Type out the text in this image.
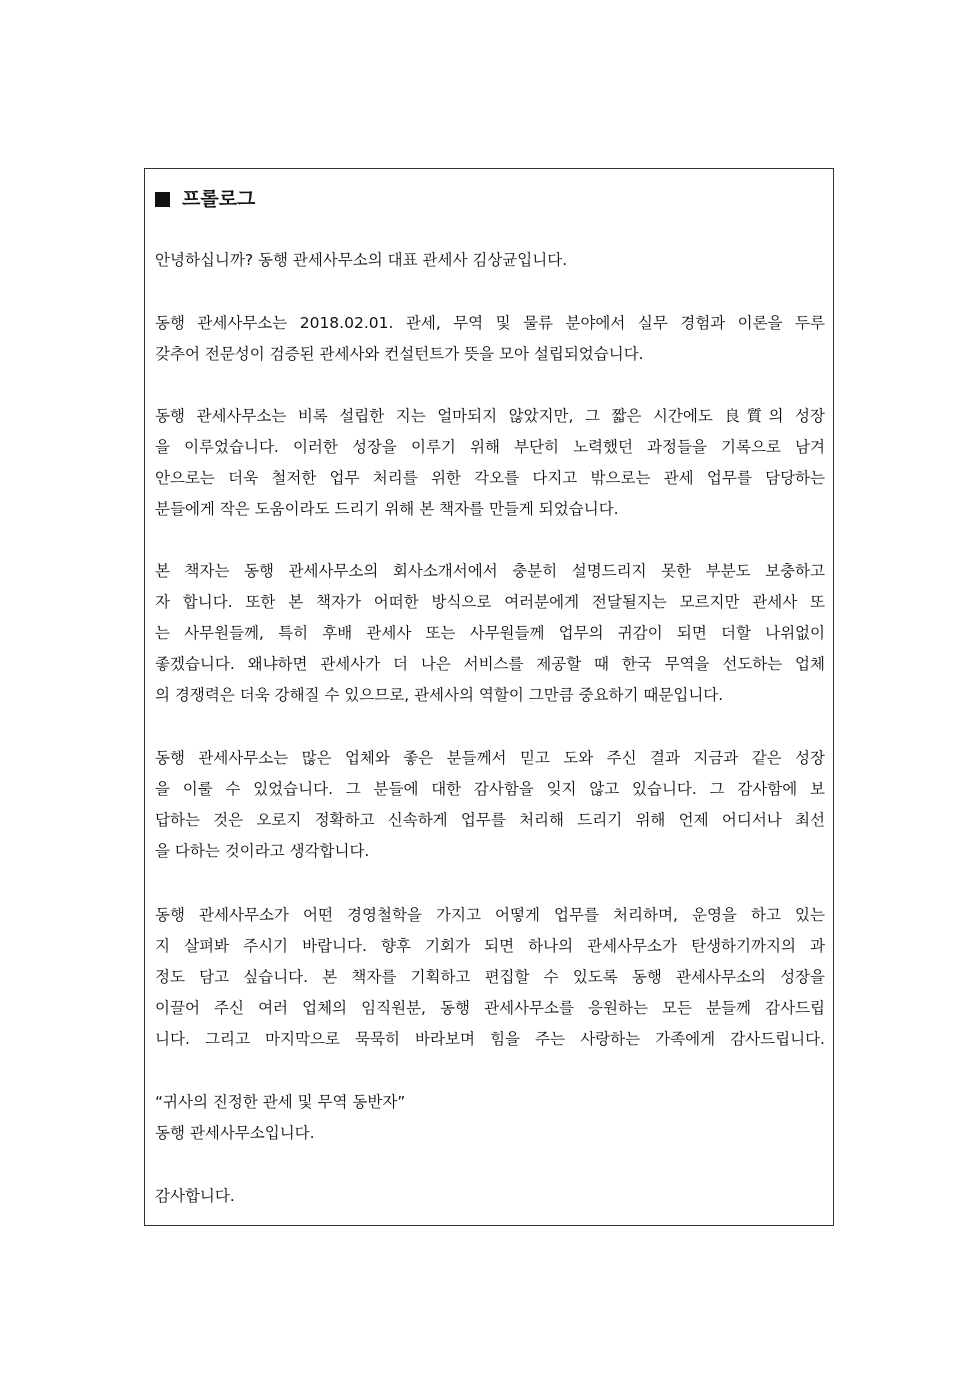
프롤로그
안녕하십니까? 동행 관세사무소의 대표 관세사 김상균입니다.
동행 관세사무소는 2018.02.01. 관세, 무역 및 물류 분야에서 실무 경험과 이론을 두루
갖추어 전문성이 검증된 관세사와 컨설턴트가 뜻을 모아 설립되었습니다.
동행 관세사무소는 비록 설립한 지는 얼마되지 않았지만, 그 짧은 시간에도 良質의 성장
을 이루었습니다. 이러한 성장을 이루기 위해 부단히 노력했던 과정들을 기록으로 남겨
안으로는 더욱 철저한 업무 처리를 위한 각오를 다지고 밖으로는 관세 업무를 담당하는
분들에게 작은 도움이라도 드리기 위해 본 책자를 만들게 되었습니다.
본 책자는 동행 관세사무소의 회사소개서에서 충분히 설명드리지 못한 부분도 보충하고
자 합니다. 또한 본 책자가 어떠한 방식으로 여러분에게 전달될지는 모르지만 관세사 또
는 사무원들께, 특히 후배 관세사 또는 사무원들께 업무의 귀감이 되면 더할 나위없이
좋겠습니다. 왜냐하면 관세사가 더 나은 서비스를 제공할 때 한국 무역을 선도하는 업체
의 경쟁력은 더욱 강해질 수 있으므로, 관세사의 역할이 그만큼 중요하기 때문입니다.
동행 관세사무소는 많은 업체와 좋은 분들께서 믿고 도와 주신 결과 지금과 같은 성장
을 이룰 수 있었습니다. 그 분들에 대한 감사함을 잊지 않고 있습니다. 그 감사함에 보
답하는 것은 오로지 정확하고 신속하게 업무를 처리해 드리기 위해 언제 어디서나 최선
을 다하는 것이라고 생각합니다.
동행 관세사무소가 어떤 경영철학을 가지고 어떻게 업무를 처리하며, 운영을 하고 있는
지 살펴봐 주시기 바랍니다. 향후 기회가 되면 하나의 관세사무소가 탄생하기까지의 과
정도 담고 싶습니다. 본 책자를 기획하고 편집할 수 있도록 동행 관세사무소의 성장을
이끌어 주신 여러 업체의 임직원분, 동행 관세사무소를 응원하는 모든 분들께 감사드립
니다. 그리고 마지막으로 묵묵히 바라보며 힘을 주는 사랑하는 가족에게 감사드립니다.
“귀사의 진정한 관세 및 무역 동반자”
동행 관세사무소입니다.
감사합니다.
